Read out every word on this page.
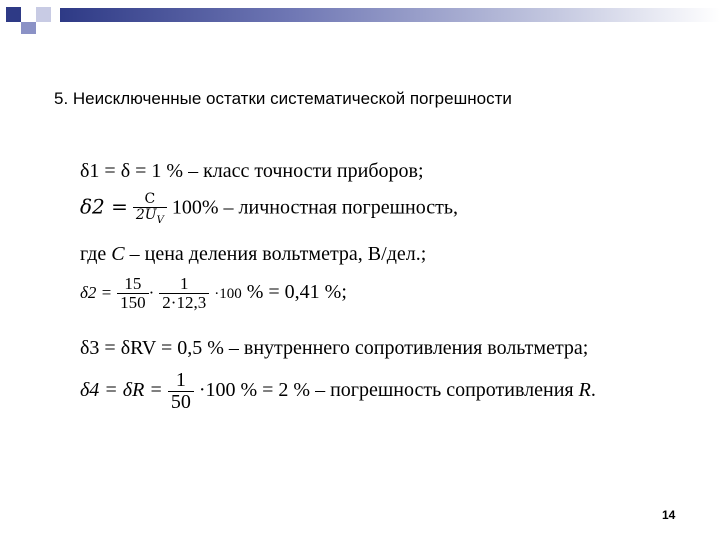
5. Неисключенные остатки систематической погрешности
δ1 = δ = 1 % – класс точности приборов;
$\delta 2 = \frac{C}{2U_V} 100\%$ – личностная погрешность,
где C – цена деления вольтметра, В/дел.;
$\delta 2 = \frac{15}{150} \cdot \frac{1}{2\cdot 12,3} \cdot 100$ % = 0,41 %;
δ3 = δRV = 0,5 % – внутреннего сопротивления вольтметра;
$\delta 4 = \delta R = \frac{1}{50} \cdot 100$ % = 2 % – погрешность сопротивления R.
14
